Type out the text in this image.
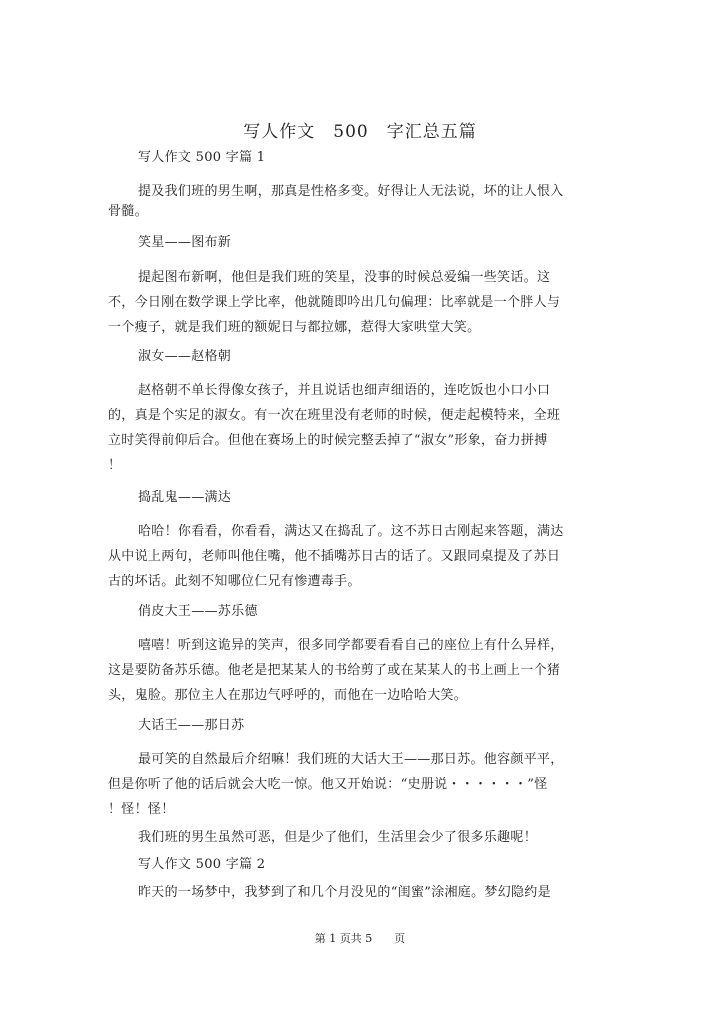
写人作文　500　字汇总五篇
写人作文 500 字篇 1
提及我们班的男生啊，那真是性格多变。好得让人无法说，坏的让人恨入
骨髓。
笑星——图布新
提起图布新啊，他但是我们班的笑星，没事的时候总爱编一些笑话。这
不，今日刚在数学课上学比率，他就随即吟出几句偏理：比率就是一个胖人与
一个瘦子，就是我们班的额妮日与都拉娜，惹得大家哄堂大笑。
淑女——赵格朝
赵格朝不单长得像女孩子，并且说话也细声细语的，连吃饭也小口小口
的，真是个实足的淑女。有一次在班里没有老师的时候，便走起模特来，全班
立时笑得前仰后合。但他在赛场上的时候完整丢掉了“淑女”形象，奋力拼搏
！
捣乱鬼——满达
哈哈！你看看，你看看，满达又在捣乱了。这不苏日古刚起来答题，满达
从中说上两句，老师叫他住嘴，他不插嘴苏日古的话了。又跟同桌提及了苏日
古的坏话。此刻不知哪位仁兄有惨遭毒手。
俏皮大王——苏乐德
嘻嘻！听到这诡异的笑声，很多同学都要看看自己的座位上有什么异样，
这是要防备苏乐德。他老是把某某人的书给剪了或在某某人的书上画上一个猪
头，鬼脸。那位主人在那边气呼呼的，而他在一边哈哈大笑。
大话王——那日苏
最可笑的自然最后介绍嘛！我们班的大话大王——那日苏。他容颜平平，
但是你听了他的话后就会大吃一惊。他又开始说：“史册说・・・・・・”怪
！怪！怪！
我们班的男生虽然可恶，但是少了他们，生活里会少了很多乐趣呢！
写人作文 500 字篇 2
昨天的一场梦中，我梦到了和几个月没见的“闺蜜”涂湘庭。梦幻隐约是
第 1 页共 5　　页
